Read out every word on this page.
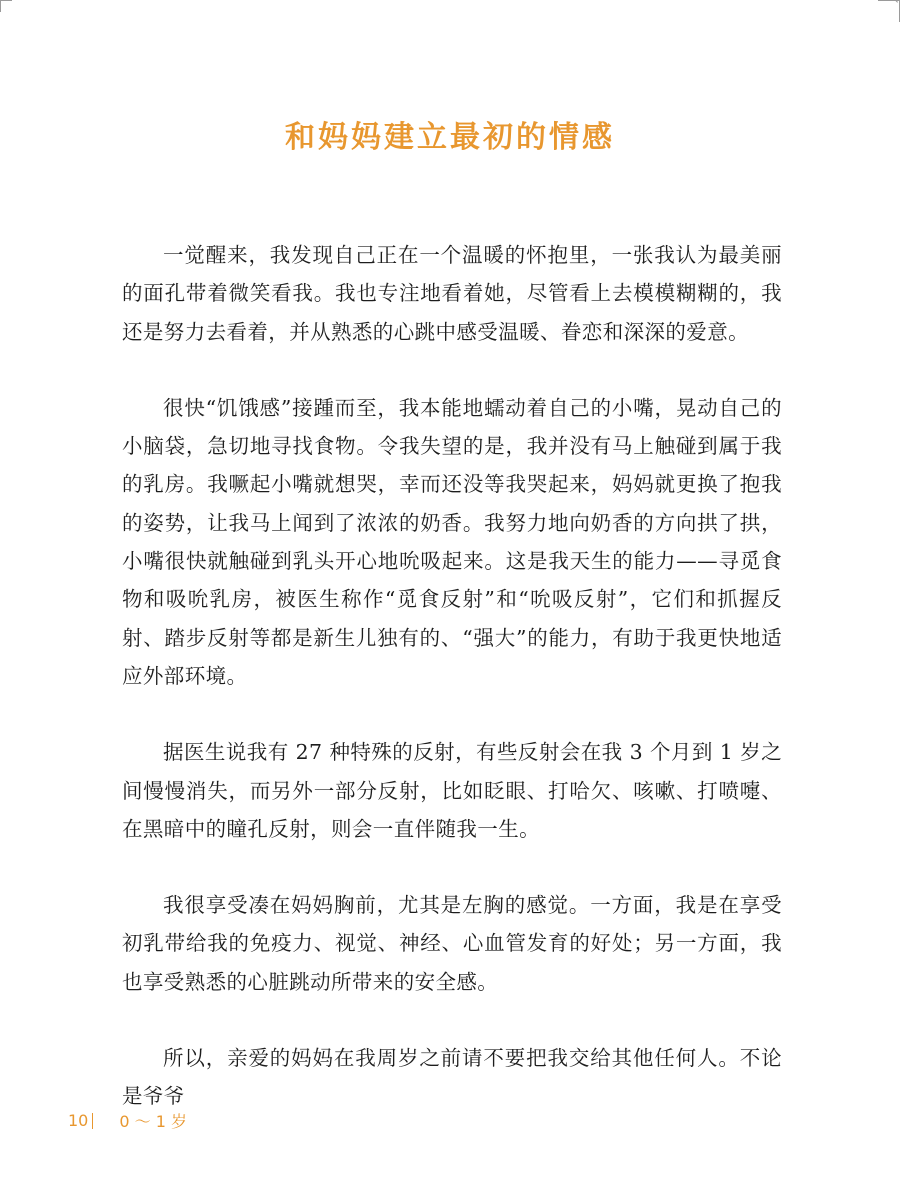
和妈妈建立最初的情感

一觉醒来，我发现自己正在一个温暖的怀抱里，一张我认为最美丽的面孔带着微笑看我。我也专注地看着她，尽管看上去模模糊糊的，我还是努力去看着，并从熟悉的心跳中感受温暖、眷恋和深深的爱意。

很快“饥饿感”接踵而至，我本能地蠕动着自己的小嘴，晃动自己的小脑袋，急切地寻找食物。令我失望的是，我并没有马上触碰到属于我的乳房。我噘起小嘴就想哭，幸而还没等我哭起来，妈妈就更换了抱我的姿势，让我马上闻到了浓浓的奶香。我努力地向奶香的方向拱了拱，小嘴很快就触碰到乳头开心地吮吸起来。这是我天生的能力——寻觅食物和吸吮乳房，被医生称作“觅食反射”和“吮吸反射”，它们和抓握反射、踏步反射等都是新生儿独有的、“强大”的能力，有助于我更快地适应外部环境。

据医生说我有 27 种特殊的反射，有些反射会在我 3 个月到 1 岁之间慢慢消失，而另外一部分反射，比如眨眼、打哈欠、咳嗽、打喷嚏、在黑暗中的瞳孔反射，则会一直伴随我一生。

我很享受凑在妈妈胸前，尤其是左胸的感觉。一方面，我是在享受初乳带给我的免疫力、视觉、神经、心血管发育的好处；另一方面，我也享受熟悉的心脏跳动所带来的安全感。

所以，亲爱的妈妈在我周岁之前请不要把我交给其他任何人。不论是爷爷

10 0 ～ 1 岁
